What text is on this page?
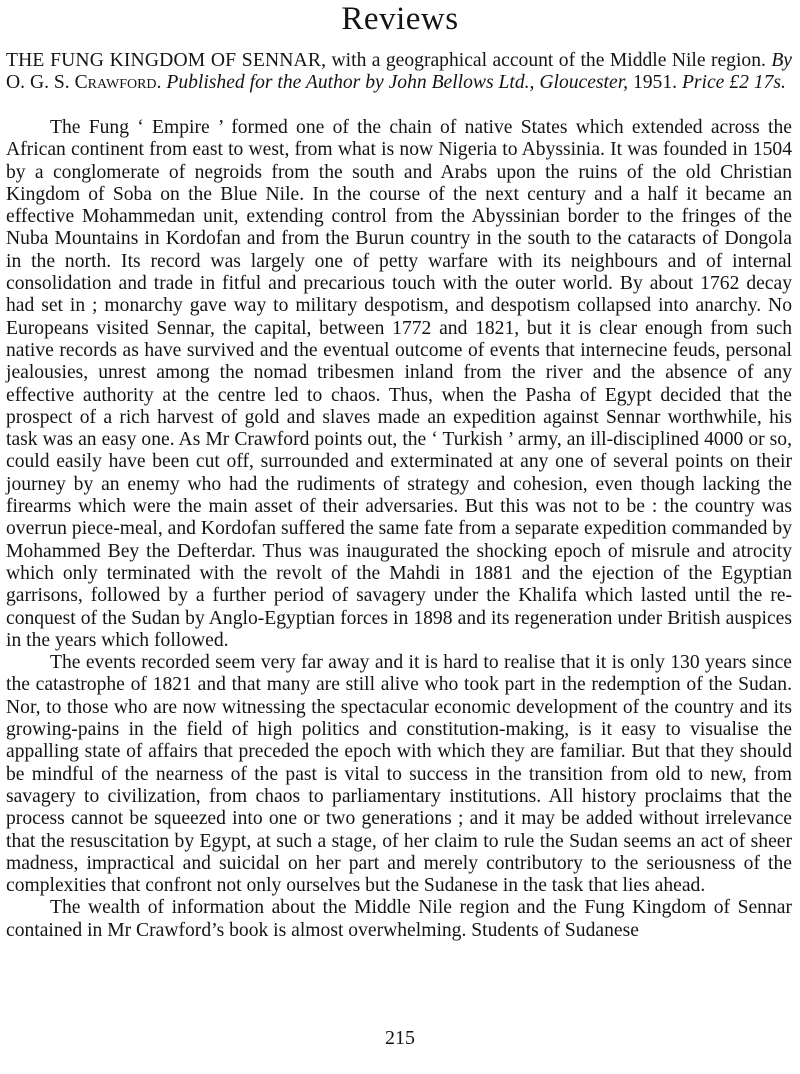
Reviews
THE FUNG KINGDOM OF SENNAR, with a geographical account of the Middle Nile region. By O. G. S. Crawford. Published for the Author by John Bellows Ltd., Gloucester, 1951. Price £2 17s.

The Fung ‘ Empire ’ formed one of the chain of native States which extended across the African continent from east to west, from what is now Nigeria to Abyssinia. It was founded in 1504 by a conglomerate of negroids from the south and Arabs upon the ruins of the old Christian Kingdom of Soba on the Blue Nile. In the course of the next century and a half it became an effective Mohammedan unit, extending control from the Abyssinian border to the fringes of the Nuba Mountains in Kordofan and from the Burun country in the south to the cataracts of Dongola in the north. Its record was largely one of petty warfare with its neighbours and of internal consolidation and trade in fitful and precarious touch with the outer world. By about 1762 decay had set in ; monarchy gave way to military despotism, and despotism collapsed into anarchy. No Europeans visited Sennar, the capital, between 1772 and 1821, but it is clear enough from such native records as have survived and the eventual outcome of events that internecine feuds, personal jealousies, unrest among the nomad tribesmen inland from the river and the absence of any effective authority at the centre led to chaos. Thus, when the Pasha of Egypt decided that the prospect of a rich harvest of gold and slaves made an expedition against Sennar worthwhile, his task was an easy one. As Mr Crawford points out, the ‘ Turkish ’ army, an ill-disciplined 4000 or so, could easily have been cut off, surrounded and exterminated at any one of several points on their journey by an enemy who had the rudiments of strategy and cohesion, even though lacking the firearms which were the main asset of their adversaries. But this was not to be : the country was overrun piece-meal, and Kordofan suffered the same fate from a separate expedition commanded by Mohammed Bey the Defterdar. Thus was inaugurated the shocking epoch of misrule and atrocity which only terminated with the revolt of the Mahdi in 1881 and the ejection of the Egyptian garrisons, followed by a further period of savagery under the Khalifa which lasted until the re-conquest of the Sudan by Anglo-Egyptian forces in 1898 and its regeneration under British auspices in the years which followed.

The events recorded seem very far away and it is hard to realise that it is only 130 years since the catastrophe of 1821 and that many are still alive who took part in the redemption of the Sudan. Nor, to those who are now witnessing the spectacular economic development of the country and its growing-pains in the field of high politics and constitution-making, is it easy to visualise the appalling state of affairs that preceded the epoch with which they are familiar. But that they should be mindful of the nearness of the past is vital to success in the transition from old to new, from savagery to civilization, from chaos to parliamentary institutions. All history proclaims that the process cannot be squeezed into one or two generations ; and it may be added without irrelevance that the resuscitation by Egypt, at such a stage, of her claim to rule the Sudan seems an act of sheer madness, impractical and suicidal on her part and merely contributory to the seriousness of the complexities that confront not only ourselves but the Sudanese in the task that lies ahead.

The wealth of information about the Middle Nile region and the Fung Kingdom of Sennar contained in Mr Crawford’s book is almost overwhelming. Students of Sudanese

215
